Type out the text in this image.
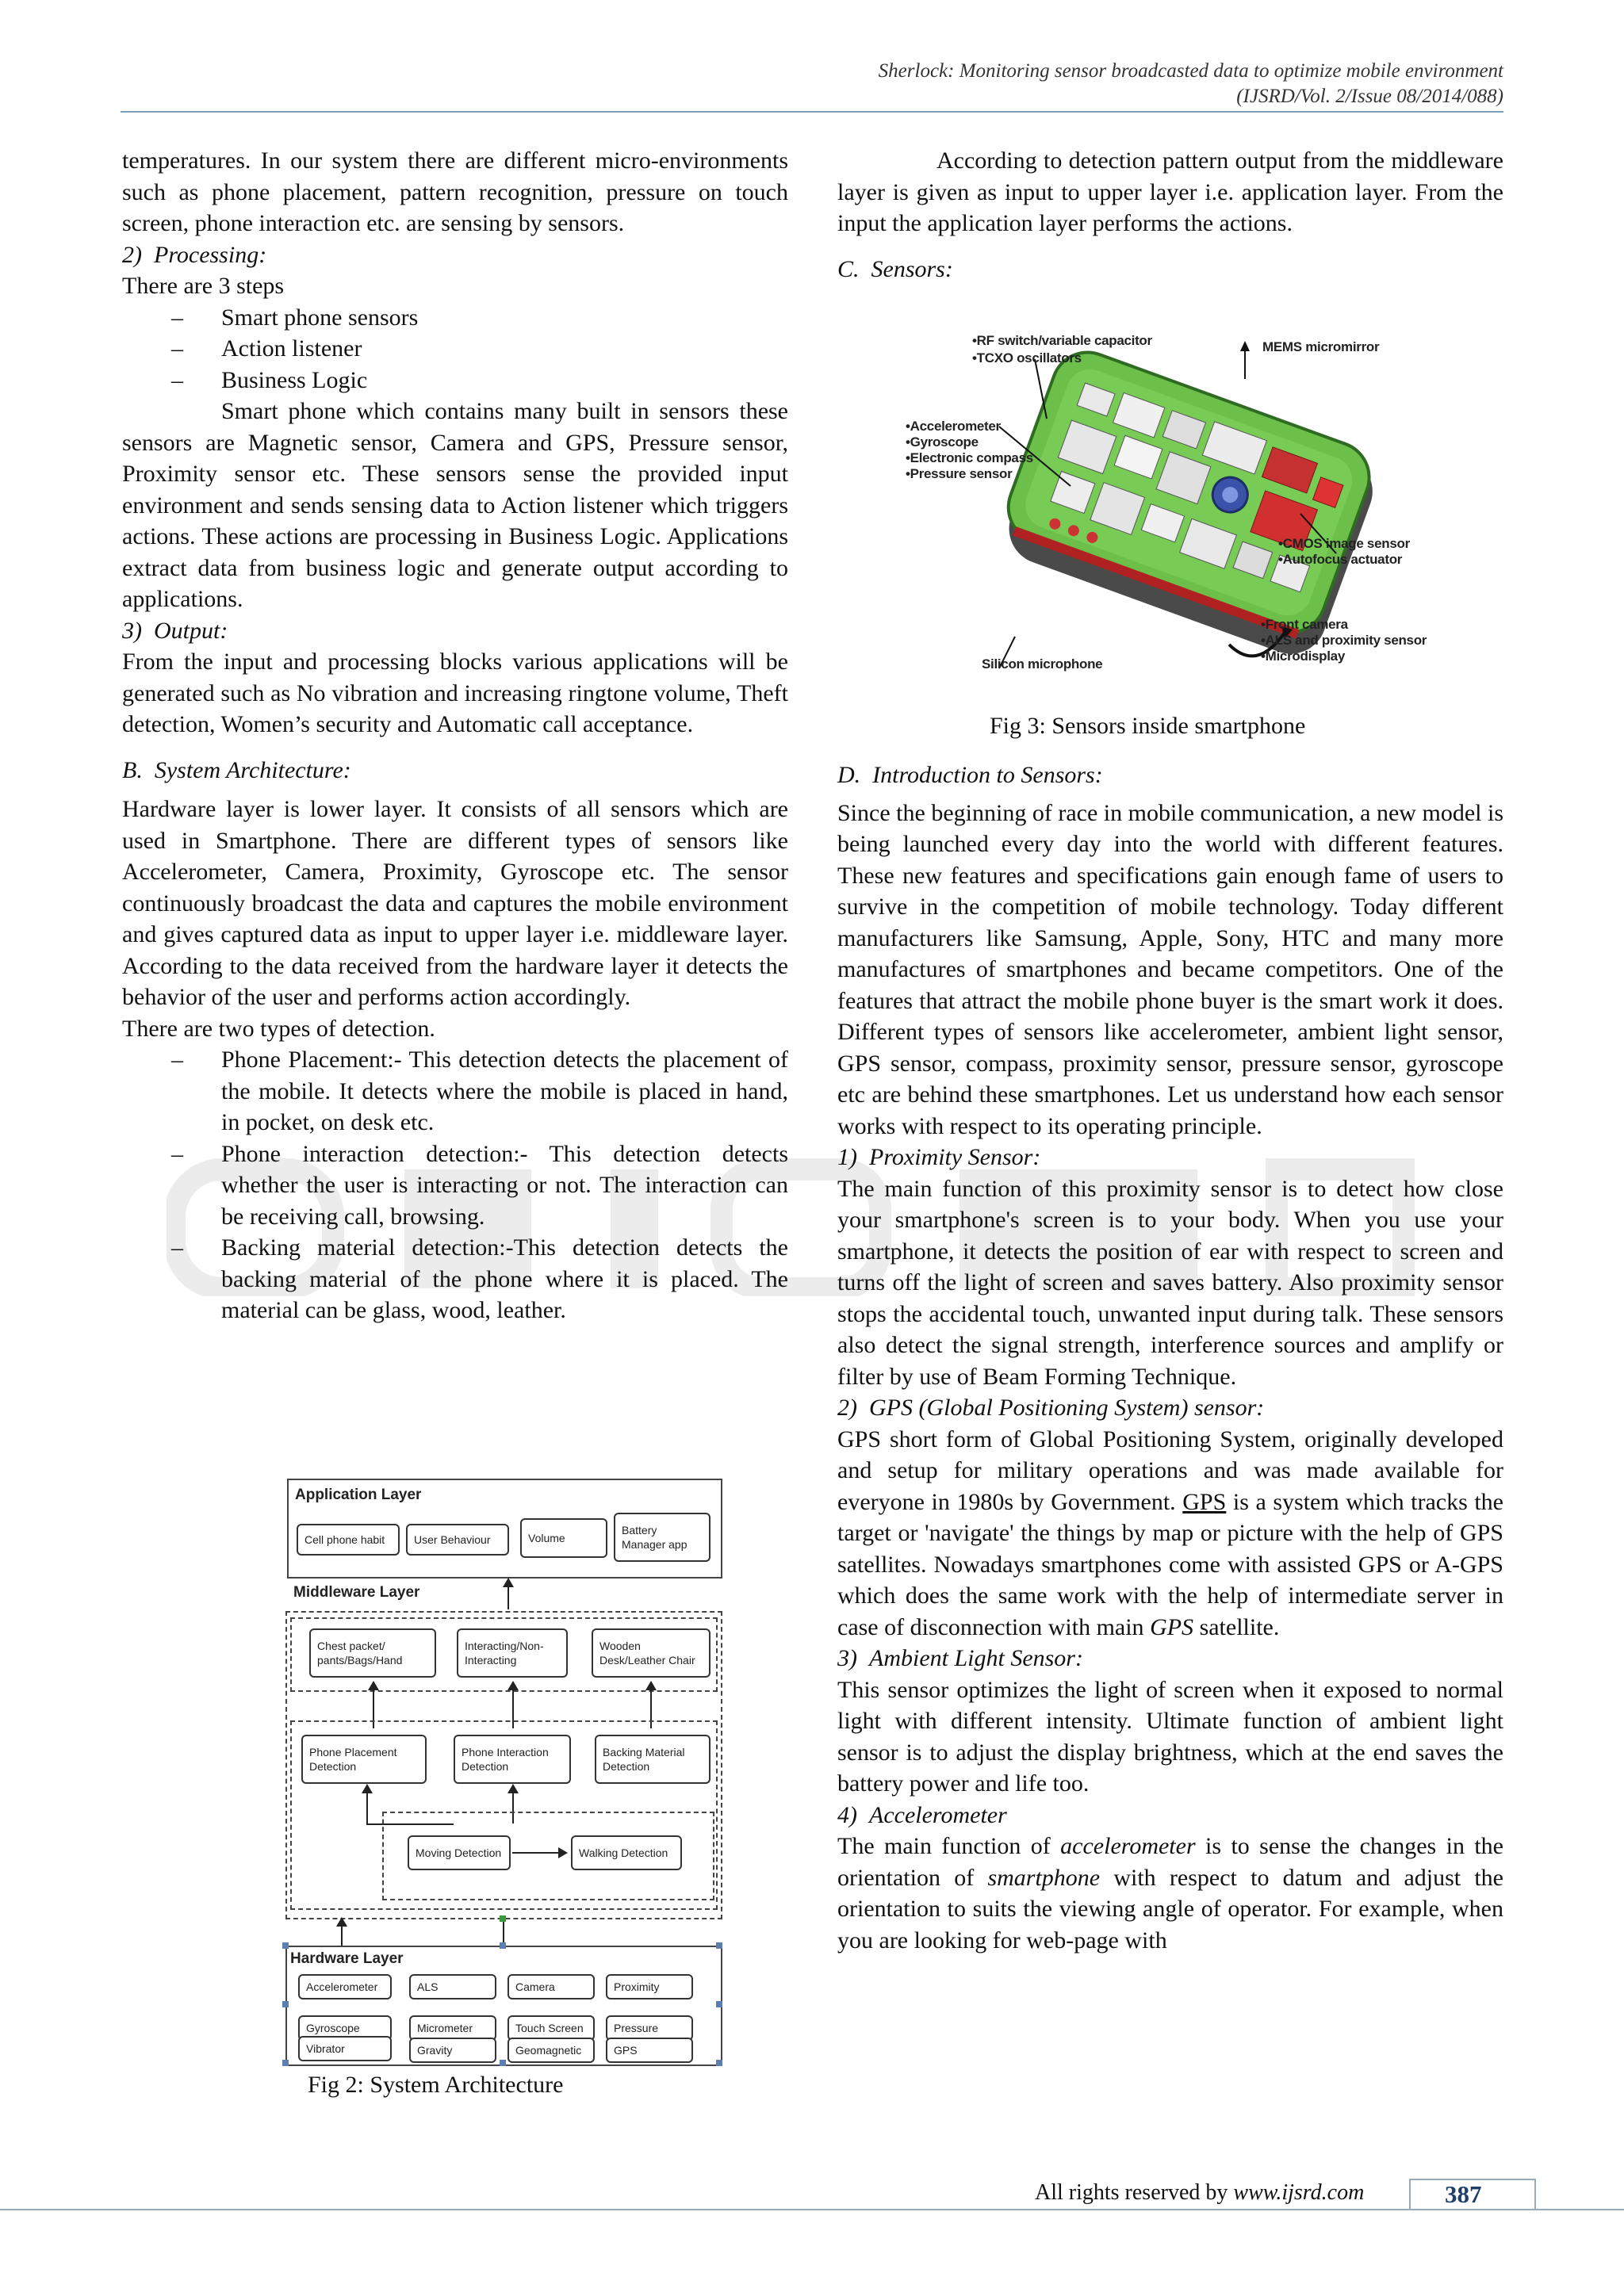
Sherlock: Monitoring sensor broadcasted data to optimize mobile environment
(IJSRD/Vol. 2/Issue 08/2014/088)

temperatures. In our system there are different micro-environments such as phone placement, pattern recognition, pressure on touch screen, phone interaction etc. are sensing by sensors.

2) Processing:

There are 3 steps

– Smart phone sensors

– Action listener

– Business Logic

Smart phone which contains many built in sensors these sensors are Magnetic sensor, Camera and GPS, Pressure sensor, Proximity sensor etc. These sensors sense the provided input environment and sends sensing data to Action listener which triggers actions. These actions are processing in Business Logic. Applications extract data from business logic and generate output according to applications.

3) Output:

From the input and processing blocks various applications will be generated such as No vibration and increasing ringtone volume, Theft detection, Women’s security and Automatic call acceptance.

B. System Architecture:

Hardware layer is lower layer. It consists of all sensors which are used in Smartphone. There are different types of sensors like Accelerometer, Camera, Proximity, Gyroscope etc. The sensor continuously broadcast the data and captures the mobile environment and gives captured data as input to upper layer i.e. middleware layer. According to the data received from the hardware layer it detects the behavior of the user and performs action accordingly.

There are two types of detection.

– Phone Placement:- This detection detects the placement of the mobile. It detects where the mobile is placed in hand, in pocket, on desk etc.

– Phone interaction detection:- This detection detects whether the user is interacting or not. The interaction can be receiving call, browsing.

– Backing material detection:-This detection detects the backing material of the phone where it is placed. The material can be glass, wood, leather.

Application Layer
Cell phone habit	User Behaviour	Volume
Battery Manager app
Middleware Layer
Chest packet/ pants/Bags/Hand
Interacting/Non-Interacting
Wooden Desk/Leather Chair
Phone Placement Detection
Phone Interaction Detection
Backing Material Detection
Moving Detection	Walking Detection
Hardware Layer
Accelerometer	ALS	Camera	Proximity
Gyroscope	Micrometer	Touch Screen	Pressure
Vibrator	Gravity	Geomagnetic	GPS
Fig 2: System Architecture

According to detection pattern output from the middleware layer is given as input to upper layer i.e. application layer. From the input the application layer performs the actions.

C. Sensors:

•RF switch/variable capacitor
•TCXO oscillators
MEMS micromirror
•Accelerometer
•Gyroscope
•Electronic compass
•Pressure sensor
•CMOS image sensor
•Autofocus actuator
•Front camera
•ALS and proximity sensor
•Microdisplay
Silicon microphone
Fig 3: Sensors inside smartphone

D. Introduction to Sensors:

Since the beginning of race in mobile communication, a new model is being launched every day into the world with different features. These new features and specifications gain enough fame of users to survive in the competition of mobile technology. Today different manufacturers like Samsung, Apple, Sony, HTC and many more manufactures of smartphones and became competitors. One of the features that attract the mobile phone buyer is the smart work it does. Different types of sensors like accelerometer, ambient light sensor, GPS sensor, compass, proximity sensor, pressure sensor, gyroscope etc are behind these smartphones. Let us understand how each sensor works with respect to its operating principle.

1) Proximity Sensor:

The main function of this proximity sensor is to detect how close your smartphone's screen is to your body. When you use your smartphone, it detects the position of ear with respect to screen and turns off the light of screen and saves battery. Also proximity sensor stops the accidental touch, unwanted input during talk. These sensors also detect the signal strength, interference sources and amplify or filter by use of Beam Forming Technique.

2) GPS (Global Positioning System) sensor:

GPS short form of Global Positioning System, originally developed and setup for military operations and was made available for everyone in 1980s by Government. GPS is a system which tracks the target or 'navigate' the things by map or picture with the help of GPS satellites. Nowadays smartphones come with assisted GPS or A-GPS which does the same work with the help of intermediate server in case of disconnection with main GPS satellite.

3) Ambient Light Sensor:

This sensor optimizes the light of screen when it exposed to normal light with different intensity. Ultimate function of ambient light sensor is to adjust the display brightness, which at the end saves the battery power and life too.

4) Accelerometer

The main function of accelerometer is to sense the changes in the orientation of smartphone with respect to datum and adjust the orientation to suits the viewing angle of operator. For example, when you are looking for web-page with

All rights reserved by www.ijsrd.com	387
